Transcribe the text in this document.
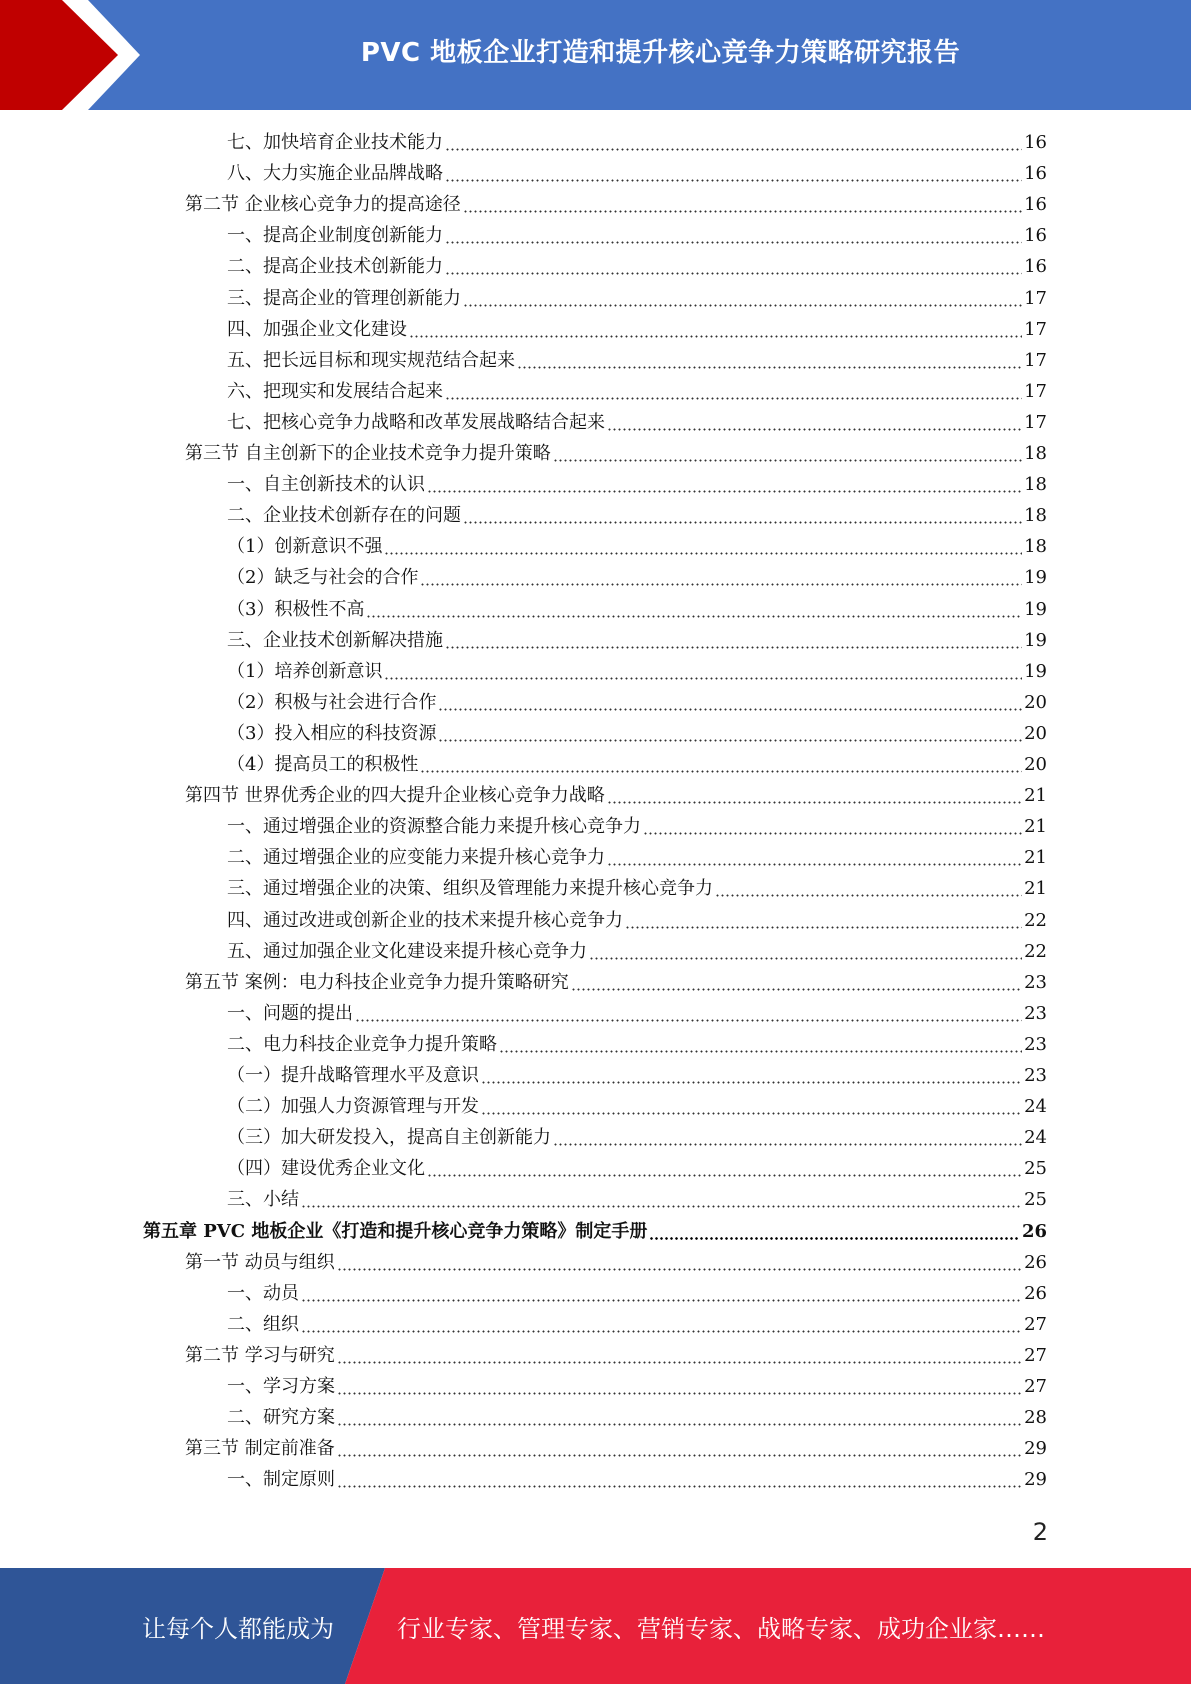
PVC 地板企业打造和提升核心竞争力策略研究报告
七、加快培育企业技术能力	16
八、大力实施企业品牌战略	16
第二节 企业核心竞争力的提高途径	16
一、提高企业制度创新能力	16
二、提高企业技术创新能力	16
三、提高企业的管理创新能力	17
四、加强企业文化建设	17
五、把长远目标和现实规范结合起来	17
六、把现实和发展结合起来	17
七、把核心竞争力战略和改革发展战略结合起来	17
第三节 自主创新下的企业技术竞争力提升策略	18
一、自主创新技术的认识	18
二、企业技术创新存在的问题	18
（1）创新意识不强	18
（2）缺乏与社会的合作	19
（3）积极性不高	19
三、企业技术创新解决措施	19
（1）培养创新意识	19
（2）积极与社会进行合作	20
（3）投入相应的科技资源	20
（4）提高员工的积极性	20
第四节 世界优秀企业的四大提升企业核心竞争力战略	21
一、通过增强企业的资源整合能力来提升核心竞争力	21
二、通过增强企业的应变能力来提升核心竞争力	21
三、通过增强企业的决策、组织及管理能力来提升核心竞争力	21
四、通过改进或创新企业的技术来提升核心竞争力	22
五、通过加强企业文化建设来提升核心竞争力	22
第五节 案例：电力科技企业竞争力提升策略研究	23
一、问题的提出	23
二、电力科技企业竞争力提升策略	23
（一）提升战略管理水平及意识	23
（二）加强人力资源管理与开发	24
（三）加大研发投入，提高自主创新能力	24
（四）建设优秀企业文化	25
三、小结	25
第五章 PVC 地板企业《打造和提升核心竞争力策略》制定手册	26
第一节 动员与组织	26
一、动员	26
二、组织	27
第二节 学习与研究	27
一、学习方案	27
二、研究方案	28
第三节 制定前准备	29
一、制定原则	29
2
让每个人都能成为	行业专家、管理专家、营销专家、战略专家、成功企业家……
